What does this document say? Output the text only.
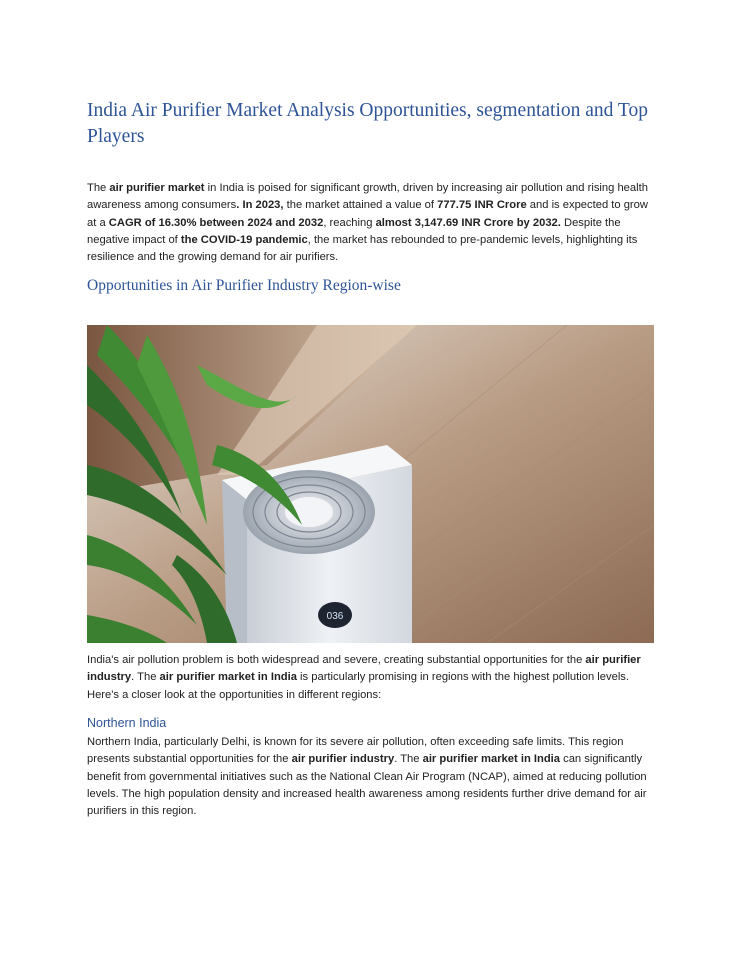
India Air Purifier Market Analysis Opportunities, segmentation and Top Players

The air purifier market in India is poised for significant growth, driven by increasing air pollution and rising health awareness among consumers. In 2023, the market attained a value of 777.75 INR Crore and is expected to grow at a CAGR of 16.30% between 2024 and 2032, reaching almost 3,147.69 INR Crore by 2032. Despite the negative impact of the COVID-19 pandemic, the market has rebounded to pre-pandemic levels, highlighting its resilience and the growing demand for air purifiers.

Opportunities in Air Purifier Industry Region-wise
036

India's air pollution problem is both widespread and severe, creating substantial opportunities for the air purifier industry. The air purifier market in India is particularly promising in regions with the highest pollution levels. Here's a closer look at the opportunities in different regions:

Northern India

Northern India, particularly Delhi, is known for its severe air pollution, often exceeding safe limits. This region presents substantial opportunities for the air purifier industry. The air purifier market in India can significantly benefit from governmental initiatives such as the National Clean Air Program (NCAP), aimed at reducing pollution levels. The high population density and increased health awareness among residents further drive demand for air purifiers in this region.
